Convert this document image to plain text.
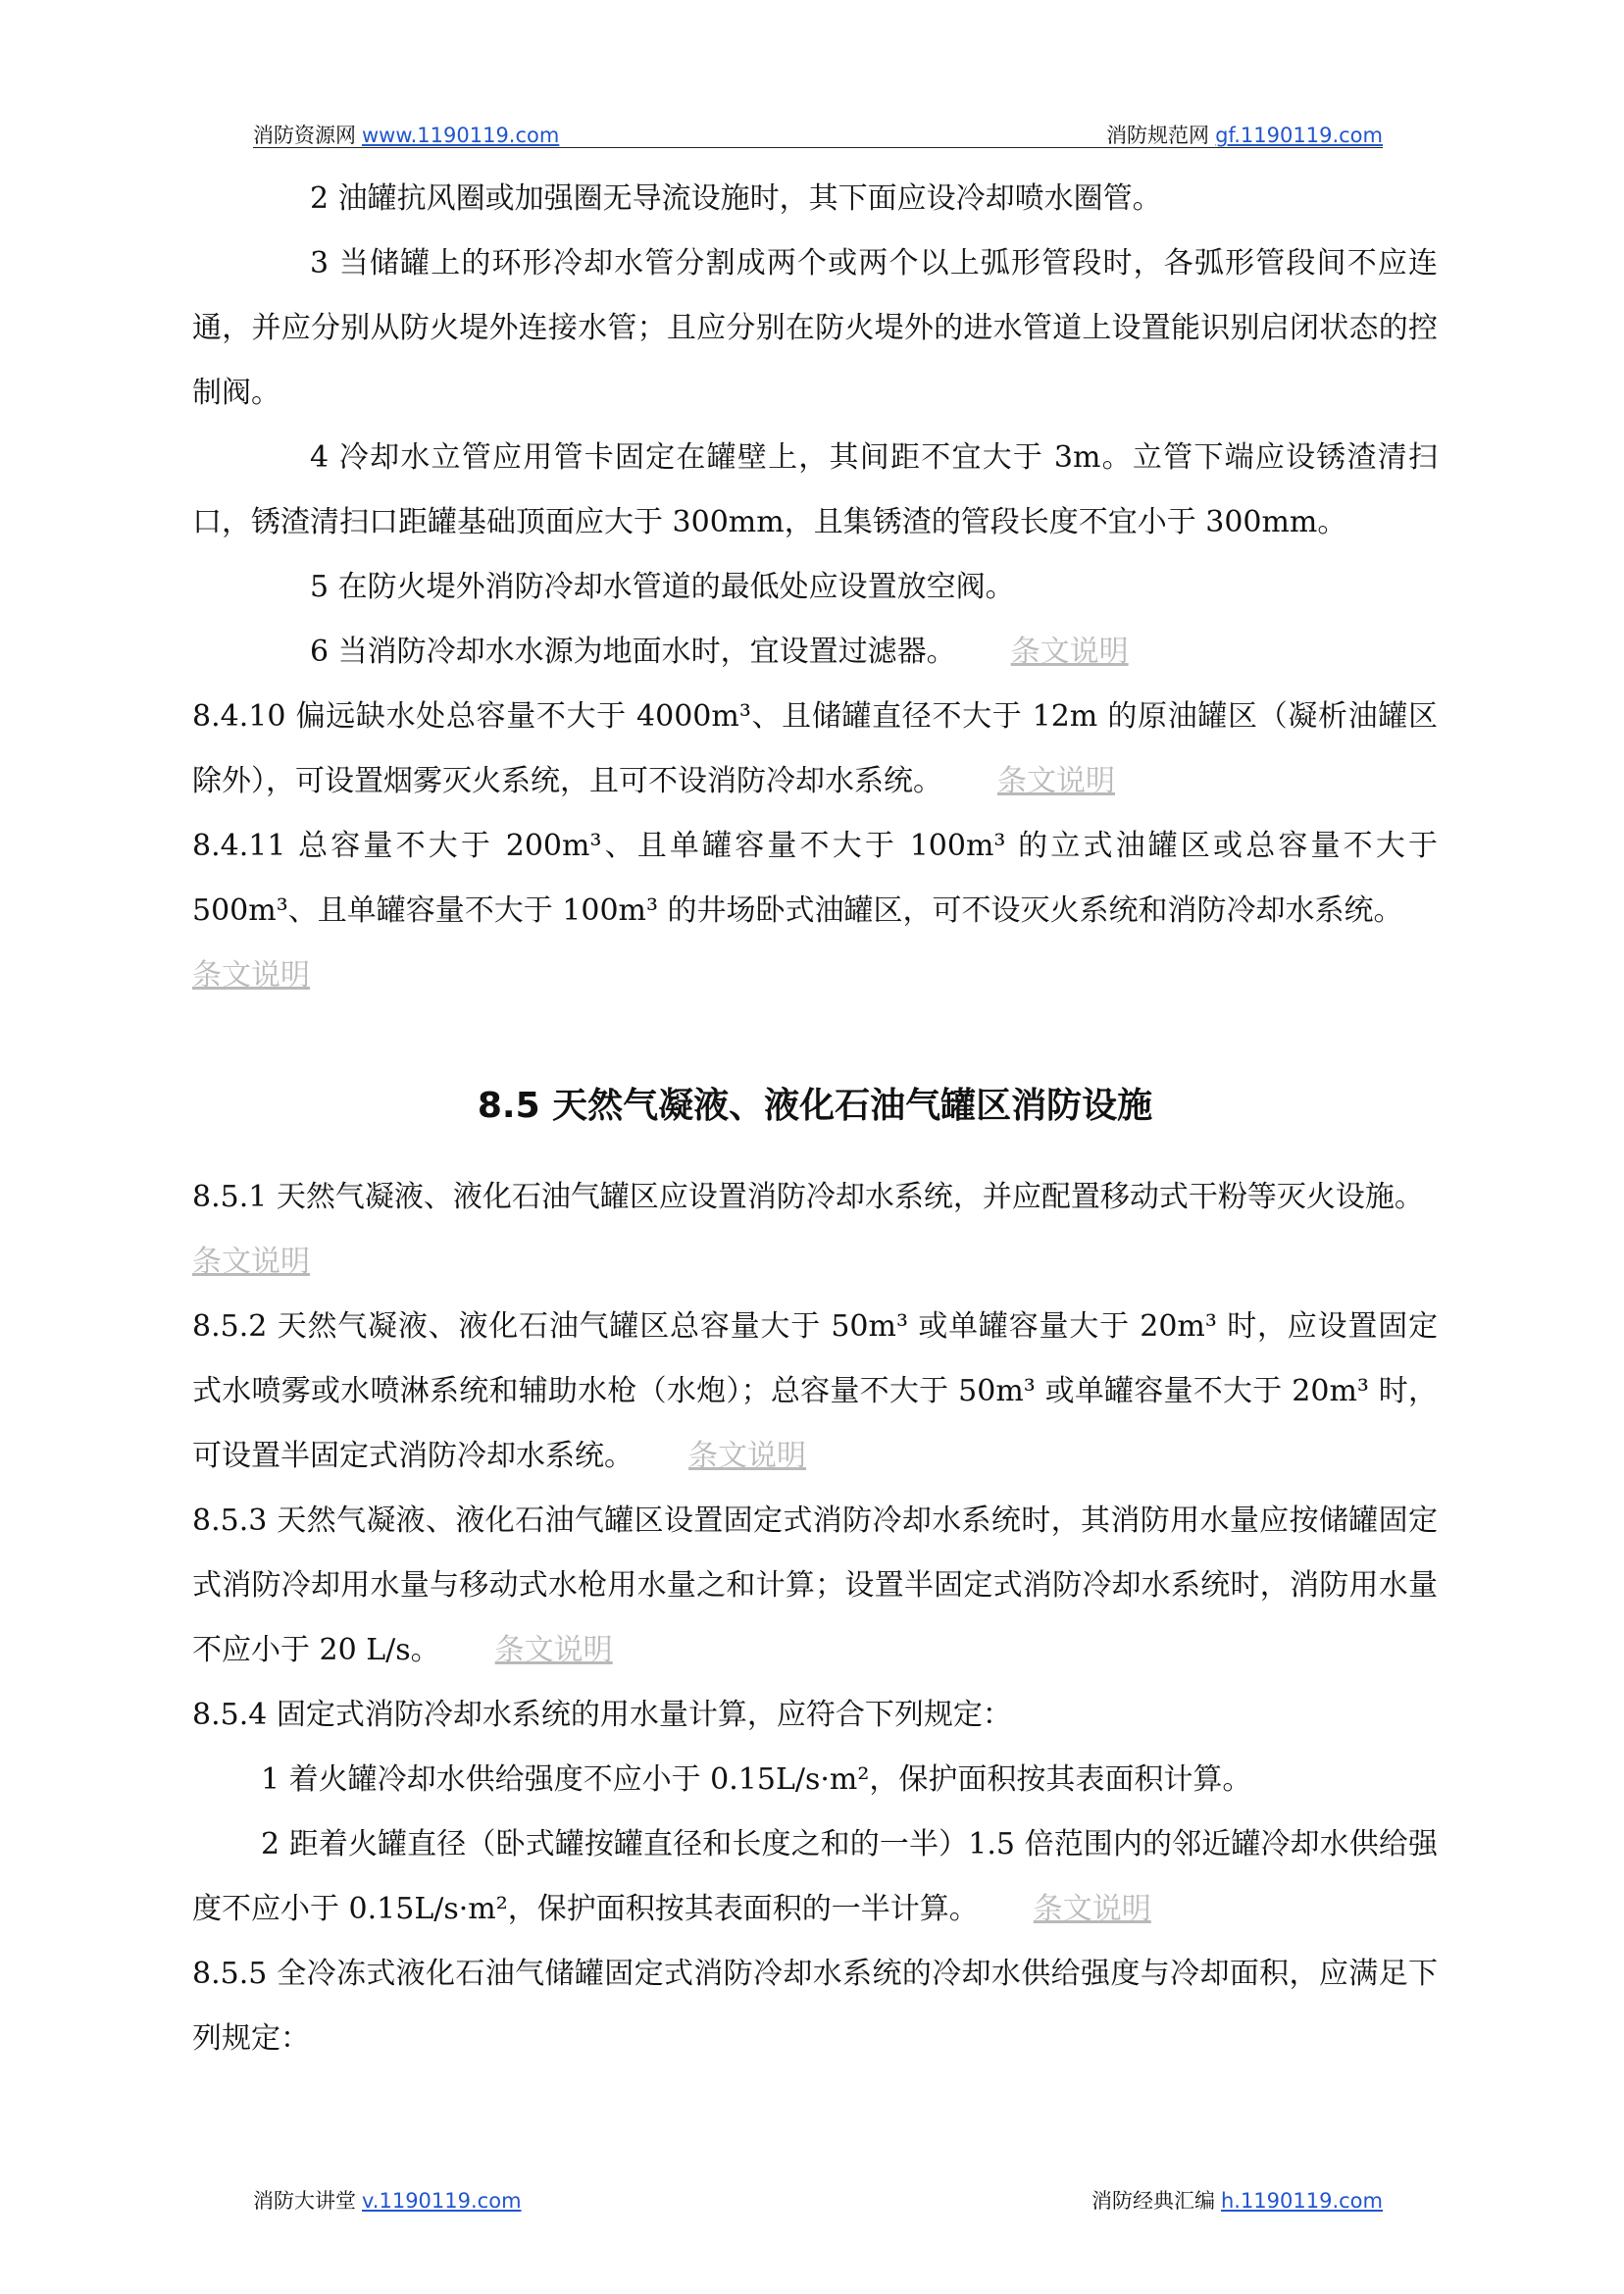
消防资源网 www.1190119.com	消防规范网 gf.1190119.com

2 油罐抗风圈或加强圈无导流设施时，其下面应设冷却喷水圈管。

3 当储罐上的环形冷却水管分割成两个或两个以上弧形管段时，各弧形管段间不应连通，并应分别从防火堤外连接水管；且应分别在防火堤外的进水管道上设置能识别启闭状态的控制阀。

4 冷却水立管应用管卡固定在罐壁上，其间距不宜大于 3m。立管下端应设锈渣清扫口，锈渣清扫口距罐基础顶面应大于 300mm，且集锈渣的管段长度不宜小于 300mm。

5 在防火堤外消防冷却水管道的最低处应设置放空阀。

6 当消防冷却水水源为地面水时，宜设置过滤器。 条文说明

8.4.10 偏远缺水处总容量不大于 4000m³、且储罐直径不大于 12m 的原油罐区（凝析油罐区除外），可设置烟雾灭火系统，且可不设消防冷却水系统。 条文说明

8.4.11 总容量不大于 200m³、且单罐容量不大于 100m³ 的立式油罐区或总容量不大于 500m³、且单罐容量不大于 100m³ 的井场卧式油罐区，可不设灭火系统和消防冷却水系统。

条文说明

8.5 天然气凝液、液化石油气罐区消防设施

8.5.1 天然气凝液、液化石油气罐区应设置消防冷却水系统，并应配置移动式干粉等灭火设施。

条文说明

8.5.2 天然气凝液、液化石油气罐区总容量大于 50m³ 或单罐容量大于 20m³ 时，应设置固定式水喷雾或水喷淋系统和辅助水枪（水炮）；总容量不大于 50m³ 或单罐容量不大于 20m³ 时，可设置半固定式消防冷却水系统。 条文说明

8.5.3 天然气凝液、液化石油气罐区设置固定式消防冷却水系统时，其消防用水量应按储罐固定式消防冷却用水量与移动式水枪用水量之和计算；设置半固定式消防冷却水系统时，消防用水量不应小于 20 L/s。 条文说明

8.5.4 固定式消防冷却水系统的用水量计算，应符合下列规定：

1 着火罐冷却水供给强度不应小于 0.15L/s·m²，保护面积按其表面积计算。

2 距着火罐直径（卧式罐按罐直径和长度之和的一半）1.5 倍范围内的邻近罐冷却水供给强度不应小于 0.15L/s·m²，保护面积按其表面积的一半计算。 条文说明

8.5.5 全冷冻式液化石油气储罐固定式消防冷却水系统的冷却水供给强度与冷却面积，应满足下列规定：

消防大讲堂 v.1190119.com	消防经典汇编 h.1190119.com
